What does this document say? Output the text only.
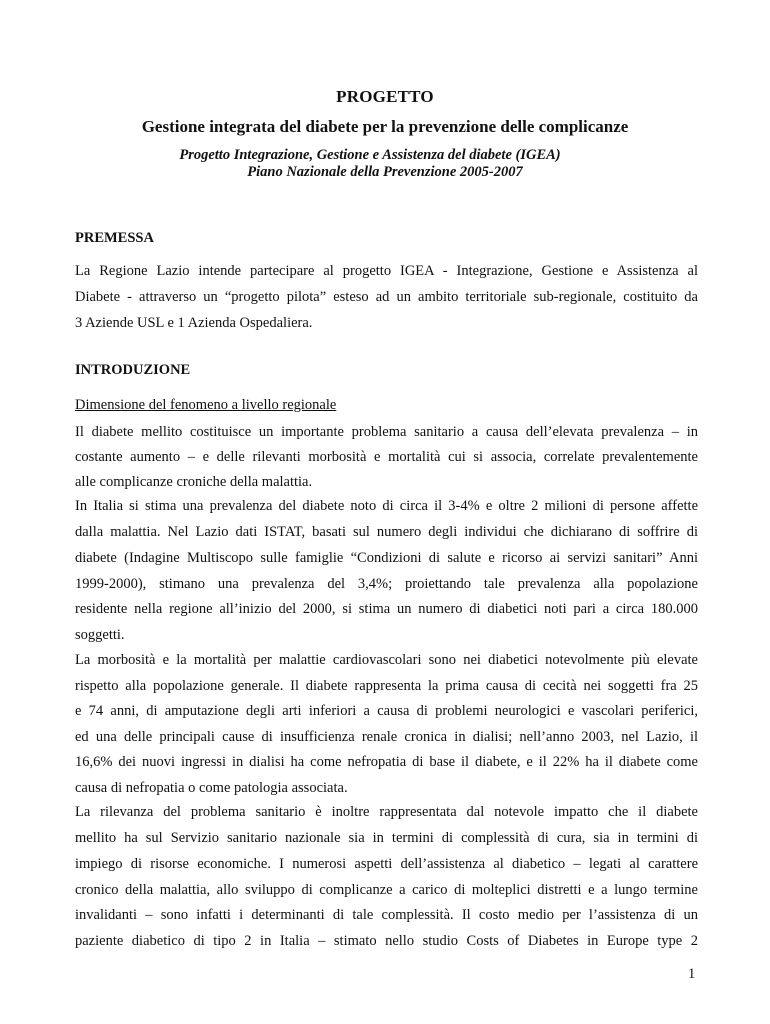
PROGETTO
Gestione integrata del diabete per la prevenzione delle complicanze
Progetto Integrazione, Gestione e Assistenza del diabete (IGEA)
Piano Nazionale della Prevenzione 2005-2007
PREMESSA
La Regione Lazio intende partecipare al progetto IGEA - Integrazione, Gestione e Assistenza al
Diabete - attraverso un “progetto pilota” esteso ad un ambito territoriale sub-regionale, costituito da
3 Aziende USL e 1 Azienda Ospedaliera.
INTRODUZIONE
Dimensione del fenomeno a livello regionale
Il diabete mellito costituisce un importante problema sanitario a causa dell’elevata prevalenza – in
costante aumento – e delle rilevanti morbosità e mortalità cui si associa, correlate prevalentemente
alle complicanze croniche della malattia.
In Italia si stima una prevalenza del diabete noto di circa il 3-4% e oltre 2 milioni di persone affette
dalla malattia. Nel Lazio dati ISTAT, basati sul numero degli individui che dichiarano di soffrire di
diabete (Indagine Multiscopo sulle famiglie “Condizioni di salute e ricorso ai servizi sanitari” Anni
1999-2000), stimano una prevalenza del 3,4%; proiettando tale prevalenza alla popolazione
residente nella regione all’inizio del 2000, si stima un numero di diabetici noti pari a circa 180.000
soggetti.
La morbosità e la mortalità per malattie cardiovascolari sono nei diabetici notevolmente più elevate
rispetto alla popolazione generale. Il diabete rappresenta la prima causa di cecità nei soggetti fra 25
e 74 anni, di amputazione degli arti inferiori a causa di problemi neurologici e vascolari periferici,
ed una delle principali cause di insufficienza renale cronica in dialisi; nell’anno 2003, nel Lazio, il
16,6% dei nuovi ingressi in dialisi ha come nefropatia di base il diabete, e il 22% ha il diabete come
causa di nefropatia o come patologia associata.
La rilevanza del problema sanitario è inoltre rappresentata dal notevole impatto che il diabete
mellito ha sul Servizio sanitario nazionale sia in termini di complessità di cura, sia in termini di
impiego di risorse economiche. I numerosi aspetti dell’assistenza al diabetico – legati al carattere
cronico della malattia, allo sviluppo di complicanze a carico di molteplici distretti e a lungo termine
invalidanti – sono infatti i determinanti di tale complessità. Il costo medio per l’assistenza di un
paziente diabetico di tipo 2 in Italia – stimato nello studio Costs of Diabetes in Europe type 2
1
